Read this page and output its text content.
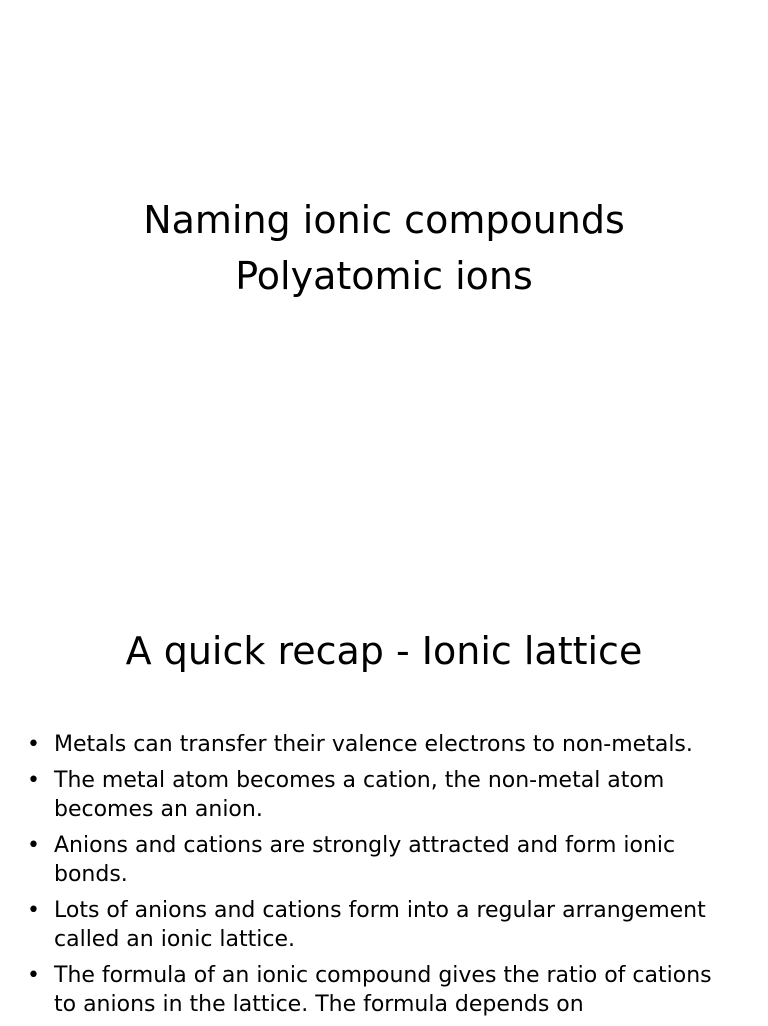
Naming ionic compounds
Polyatomic ions
A quick recap - Ionic lattice
• Metals can transfer their valence electrons to non-metals.
• The metal atom becomes a cation, the non-metal atom becomes an anion.
• Anions and cations are strongly attracted and form ionic bonds.
• Lots of anions and cations form into a regular arrangement called an ionic lattice.
• The formula of an ionic compound gives the ratio of cations to anions in the lattice. The formula depends on
